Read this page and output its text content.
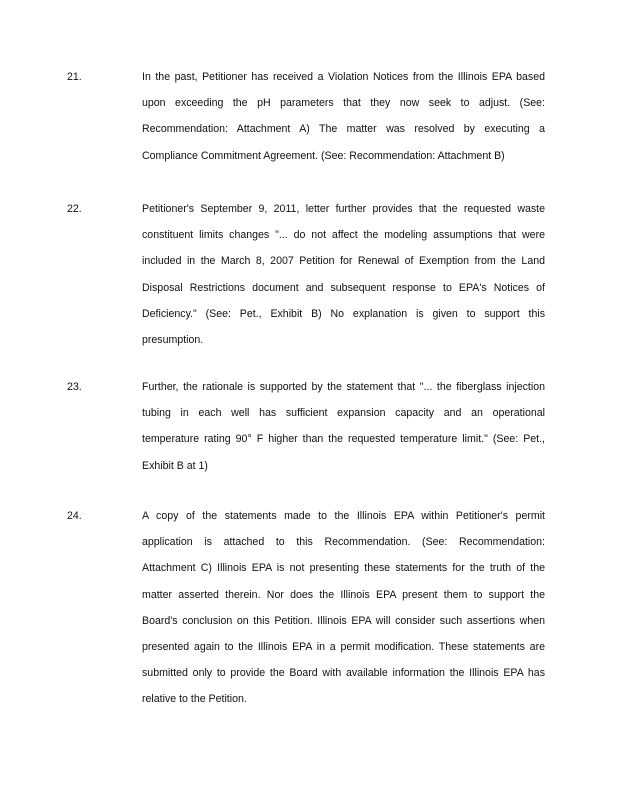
21.	In the past, Petitioner has received a Violation Notices from the Illinois EPA based
upon exceeding the pH parameters that they now seek to adjust. (See:
Recommendation: Attachment A) The matter was resolved by executing a
Compliance Commitment Agreement. (See: Recommendation: Attachment B)
22.	Petitioner's September 9, 2011, letter further provides that the requested waste
constituent limits changes "... do not affect the modeling assumptions that were
included in the March 8, 2007 Petition for Renewal of Exemption from the Land
Disposal Restrictions document and subsequent response to EPA's Notices of
Deficiency." (See: Pet., Exhibit B) No explanation is given to support this
presumption.
23.	Further, the rationale is supported by the statement that "... the fiberglass injection
tubing in each well has sufficient expansion capacity and an operational
temperature rating 90° F higher than the requested temperature limit." (See: Pet.,
Exhibit B at 1)
24.	A copy of the statements made to the Illinois EPA within Petitioner's permit
application is attached to this Recommendation. (See: Recommendation:
Attachment C) Illinois EPA is not presenting these statements for the truth of the
matter asserted therein. Nor does the Illinois EPA present them to support the
Board's conclusion on this Petition. Illinois EPA will consider such assertions when
presented again to the Illinois EPA in a permit modification. These statements are
submitted only to provide the Board with available information the Illinois EPA has
relative to the Petition.
